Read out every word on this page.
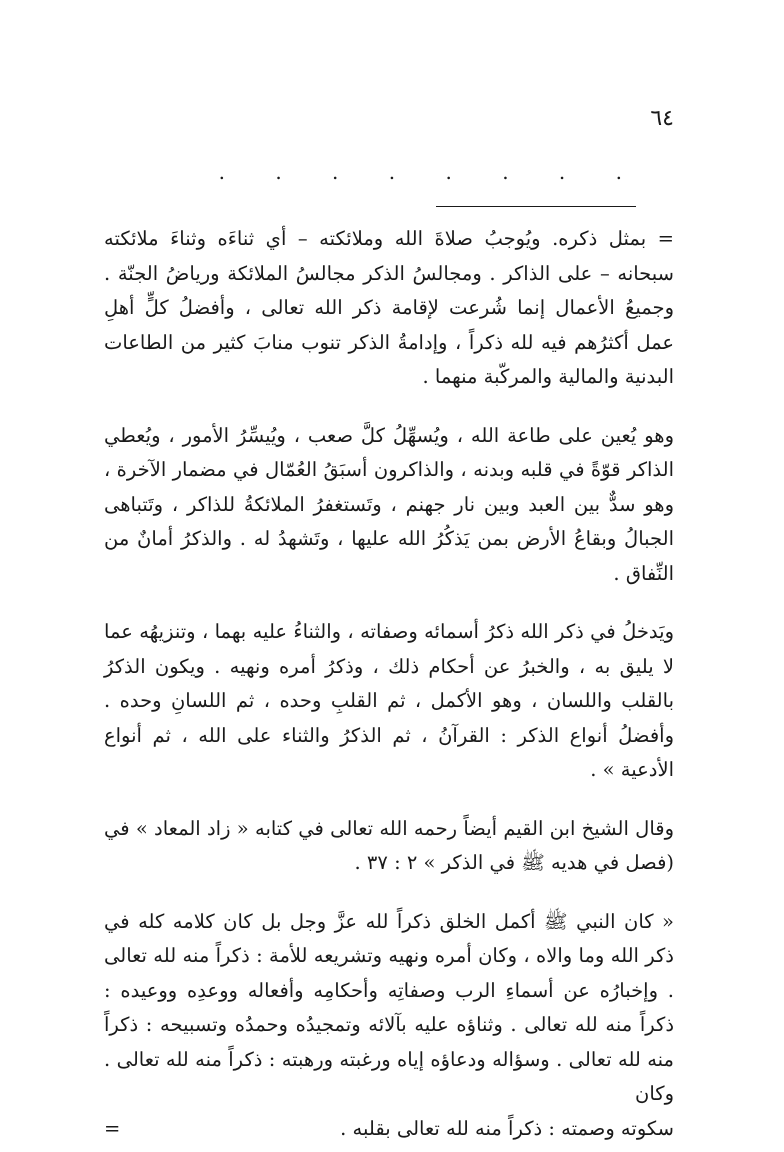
٦٤
. . . . . . . .

= بمثل ذكره. ويُوجبُ صلاةَ الله وملائكته – أي ثناءَه وثناءَ ملائكته سبحانه – على الذاكر . ومجالسُ الذكر مجالسُ الملائكة ورياضُ الجنّة . وجميعُ الأعمال إنما شُرعت لإقامة ذكر الله تعالى ، وأفضلُ كلٍّ أهلِ عمل أكثرُهم فيه لله ذكراً ، وإدامةُ الذكر تنوب منابَ كثير من الطاعات البدنية والمالية والمركّبة منهما .

وهو يُعين على طاعة الله ، ويُسهِّلُ كلَّ صعب ، ويُيسِّرُ الأمور ، ويُعطي الذاكر قوّةً في قلبه وبدنه ، والذاكرون أسبَقُ العُمّال في مضمار الآخرة ، وهو سدٌّ بين العبد وبين نار جهنم ، وتَستغفرُ الملائكةُ للذاكر ، وتَتباهى الجبالُ وبقاعُ الأرض بمن يَذكُرُ الله عليها ، وتَشهدُ له . والذكرُ أمانٌ من النِّفاق .

ويَدخلُ في ذكر الله ذكرُ أسمائه وصفاته ، والثناءُ عليه بهما ، وتنزيهُه عما لا يليق به ، والخبرُ عن أحكام ذلك ، وذكرُ أمره ونهيه . ويكون الذكرُ بالقلب واللسان ، وهو الأكمل ، ثم القلبِ وحده ، ثم اللسانِ وحده . وأفضلُ أنواع الذكر : القرآنُ ، ثم الذكرُ والثناء على الله ، ثم أنواع الأدعية » .

وقال الشيخ ابن القيم أيضاً رحمه الله تعالى في كتابه « زاد المعاد » في (فصل في هديه ﷺ في الذكر » ٢ : ٣٧ .

« كان النبي ﷺ أكمل الخلق ذكراً لله عزَّ وجل بل كان كلامه كله في ذكر الله وما والاه ، وكان أمره ونهيه وتشريعه للأمة : ذكراً منه لله تعالى . وإخبارُه عن أسماءِ الرب وصفاتِه وأحكامِه وأفعاله ووعدِه ووعيده : ذكراً منه لله تعالى . وثناؤه عليه بآلائه وتمجيدُه وحمدُه وتسبيحه : ذكراً منه لله تعالى . وسؤاله ودعاؤه إياه ورغبته ورهبته : ذكراً منه لله تعالى . وكان

سكوته وصمته : ذكراً منه لله تعالى بقلبه .
=
